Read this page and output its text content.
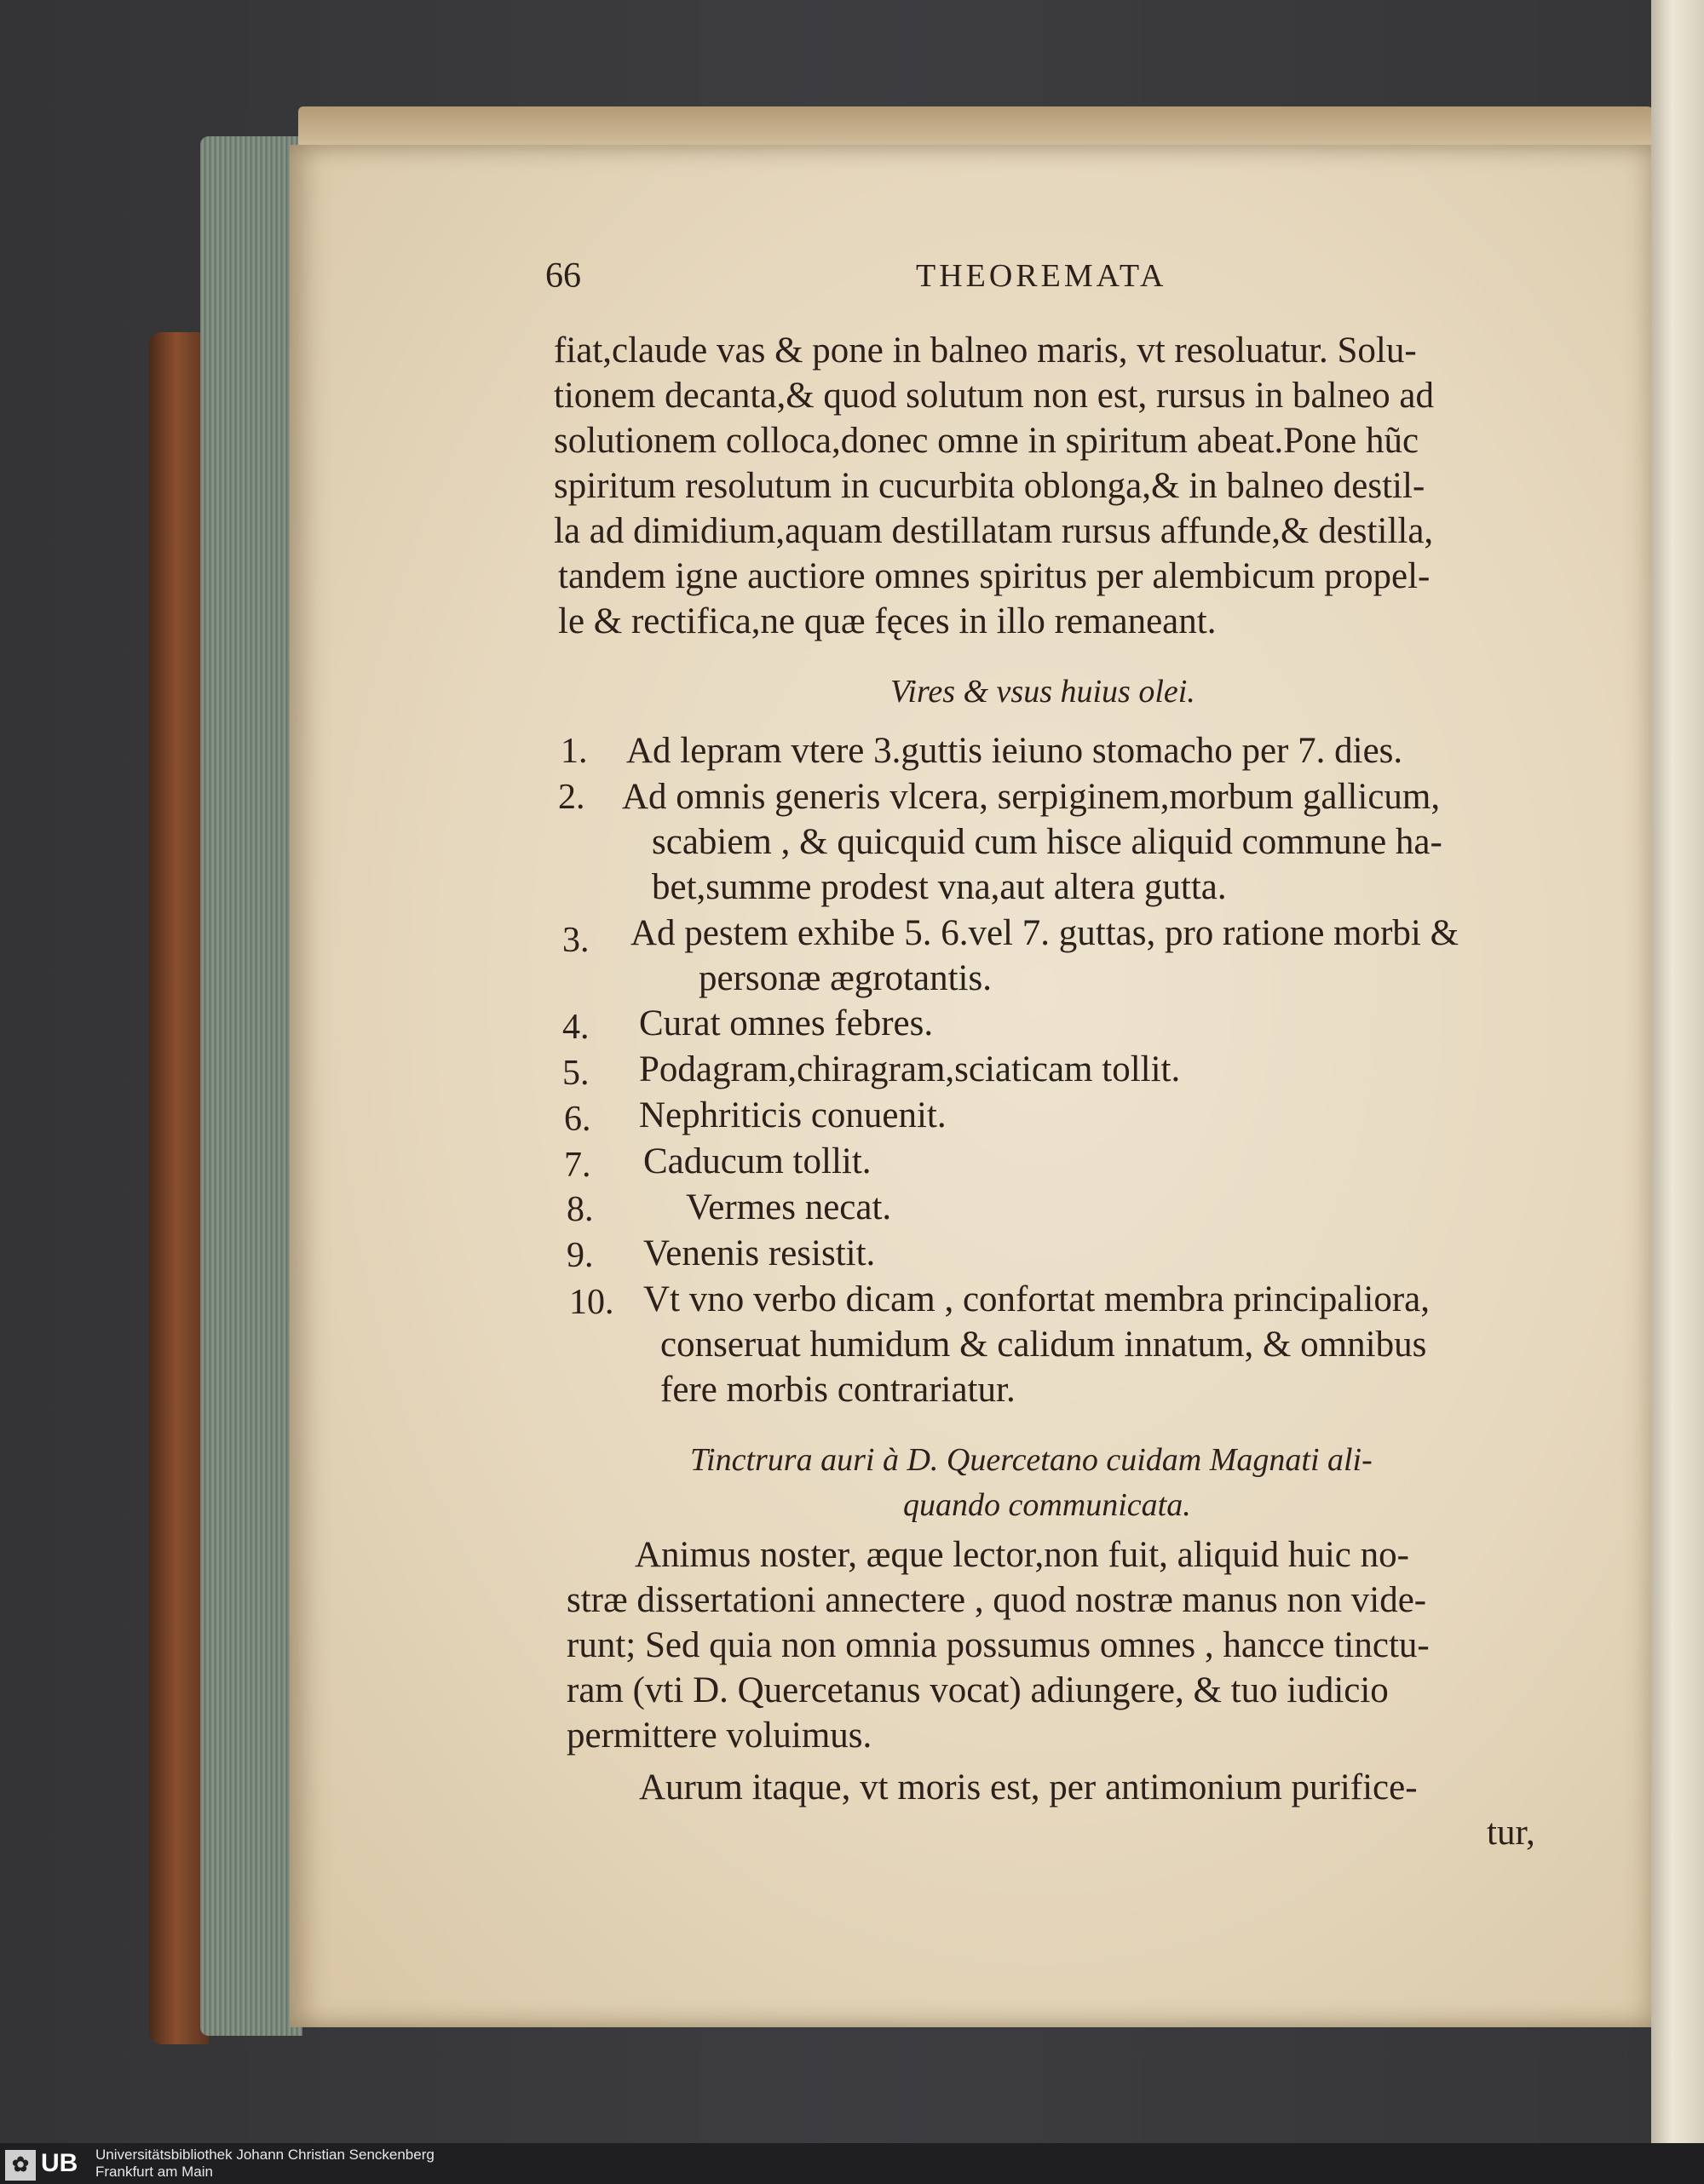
66	THEOREMATA
fiat,claude vas & pone in balneo maris, vt resoluatur. Solu-
tionem decanta,& quod solutum non est, rursus in balneo ad
solutionem colloca,donec omne in spiritum abeat.Pone hũc
spiritum resolutum in cucurbita oblonga,& in balneo destil-
la ad dimidium,aquam destillatam rursus affunde,& destilla,
tandem igne auctiore omnes spiritus per alembicum propel-
le & rectifica,ne quæ fęces in illo remaneant.
Vires & vsus huius olei.
1. Ad lepram vtere 3.guttis ieiuno stomacho per 7. dies.
2. Ad omnis generis vlcera, serpiginem,morbum gallicum,
scabiem , & quicquid cum hisce aliquid commune ha-
bet,summe prodest vna,aut altera gutta.
3. Ad pestem exhibe 5. 6.vel 7. guttas, pro ratione morbi &
personæ ægrotantis.
4. Curat omnes febres.
5. Podagram,chiragram,sciaticam tollit.
6. Nephriticis conuenit.
7. Caducum tollit.
8.	Vermes necat.
9. Venenis resistit.
10. Vt vno verbo dicam , confortat membra principaliora,
conseruat humidum & calidum innatum, & omnibus
fere morbis contrariatur.
Tinctrura auri à D. Quercetano cuidam Magnati ali-
quando communicata.
Animus noster, æque lector,non fuit, aliquid huic no-
stræ dissertationi annectere , quod nostræ manus non vide-
runt; Sed quia non omnia possumus omnes , hancce tinctu-
ram (vti D. Quercetanus vocat) adiungere, & tuo iudicio
permittere voluimus.
Aurum itaque, vt moris est, per antimonium purifice-
tur,
✿ UB	Universitätsbibliothek Johann Christian Senckenberg
Frankfurt am Main
